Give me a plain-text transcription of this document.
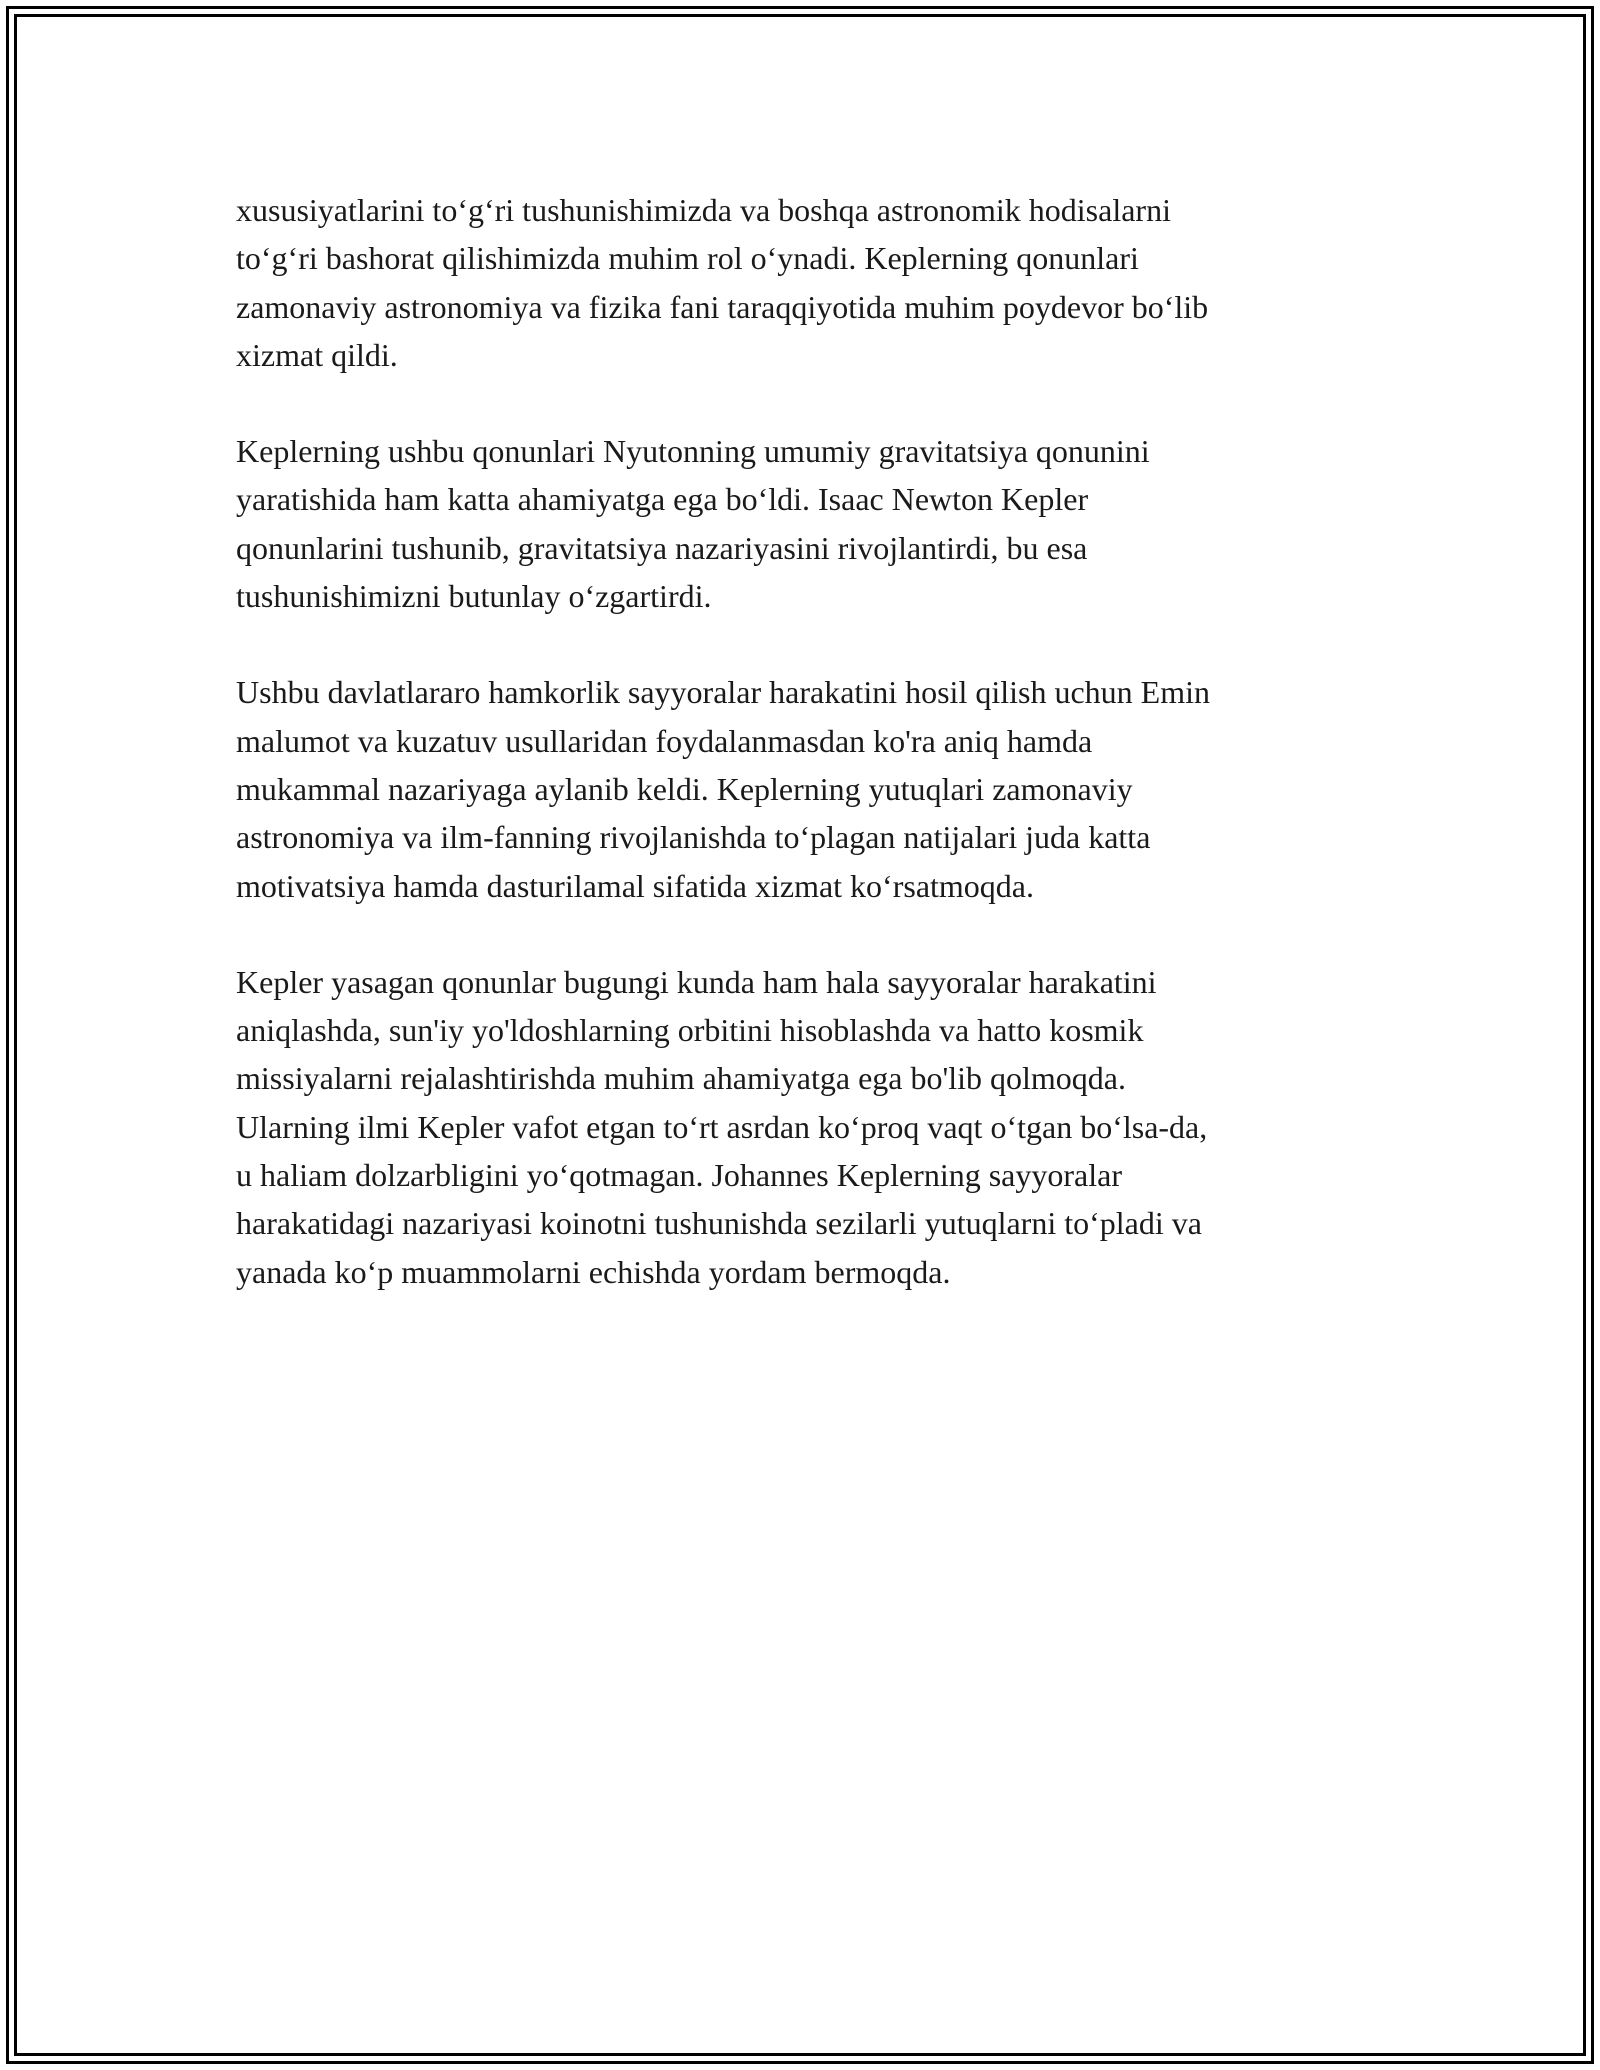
xususiyatlarini to‘g‘ri tushunishimizda va boshqa astronomik hodisalarni
to‘g‘ri bashorat qilishimizda muhim rol o‘ynadi. Keplerning qonunlari
zamonaviy astronomiya va fizika fani taraqqiyotida muhim poydevor bo‘lib
xizmat qildi.

Keplerning ushbu qonunlari Nyutonning umumiy gravitatsiya qonunini
yaratishida ham katta ahamiyatga ega bo‘ldi. Isaac Newton Kepler
qonunlarini tushunib, gravitatsiya nazariyasini rivojlantirdi, bu esa
tushunishimizni butunlay o‘zgartirdi.

Ushbu davlatlararo hamkorlik sayyoralar harakatini hosil qilish uchun Emin
malumot va kuzatuv usullaridan foydalanmasdan ko'ra aniq hamda
mukammal nazariyaga aylanib keldi. Keplerning yutuqlari zamonaviy
astronomiya va ilm-fanning rivojlanishda to‘plagan natijalari juda katta
motivatsiya hamda dasturilamal sifatida xizmat ko‘rsatmoqda.

Kepler yasagan qonunlar bugungi kunda ham hala sayyoralar harakatini
aniqlashda, sun'iy yo'ldoshlarning orbitini hisoblashda va hatto kosmik
missiyalarni rejalashtirishda muhim ahamiyatga ega bo'lib qolmoqda.
Ularning ilmi Kepler vafot etgan to‘rt asrdan ko‘proq vaqt o‘tgan bo‘lsa-da,
u haliam dolzarbligini yo‘qotmagan. Johannes Keplerning sayyoralar
harakatidagi nazariyasi koinotni tushunishda sezilarli yutuqlarni to‘pladi va
yanada ko‘p muammolarni echishda yordam bermoqda.
